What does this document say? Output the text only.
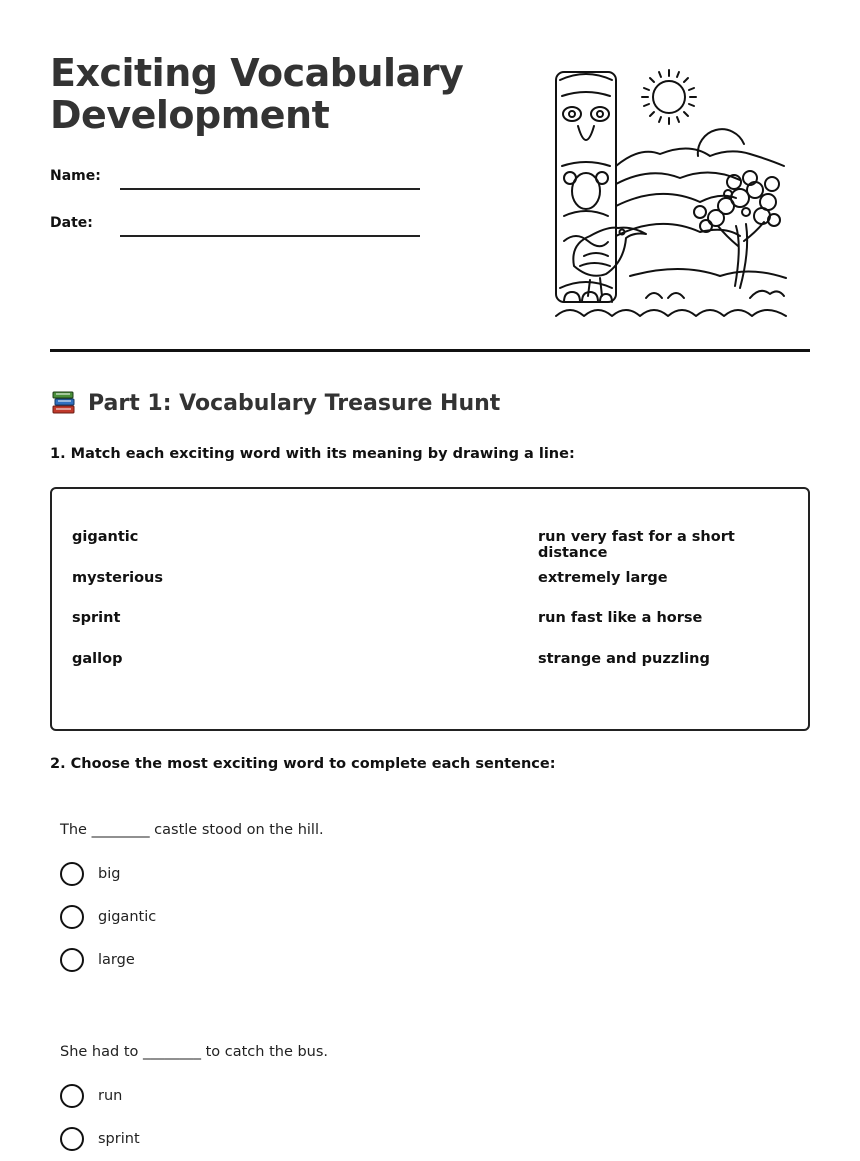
Exciting Vocabulary Development
Name:
Date:
Part 1: Vocabulary Treasure Hunt

1. Match each exciting word with its meaning by drawing a line:

gigantic
mysterious
sprint
gallop
run very fast for a short distance
extremely large
run fast like a horse
strange and puzzling

2. Choose the most exciting word to complete each sentence:

The ________ castle stood on the hill.
big
gigantic
large
She had to ________ to catch the bus.
run
sprint
